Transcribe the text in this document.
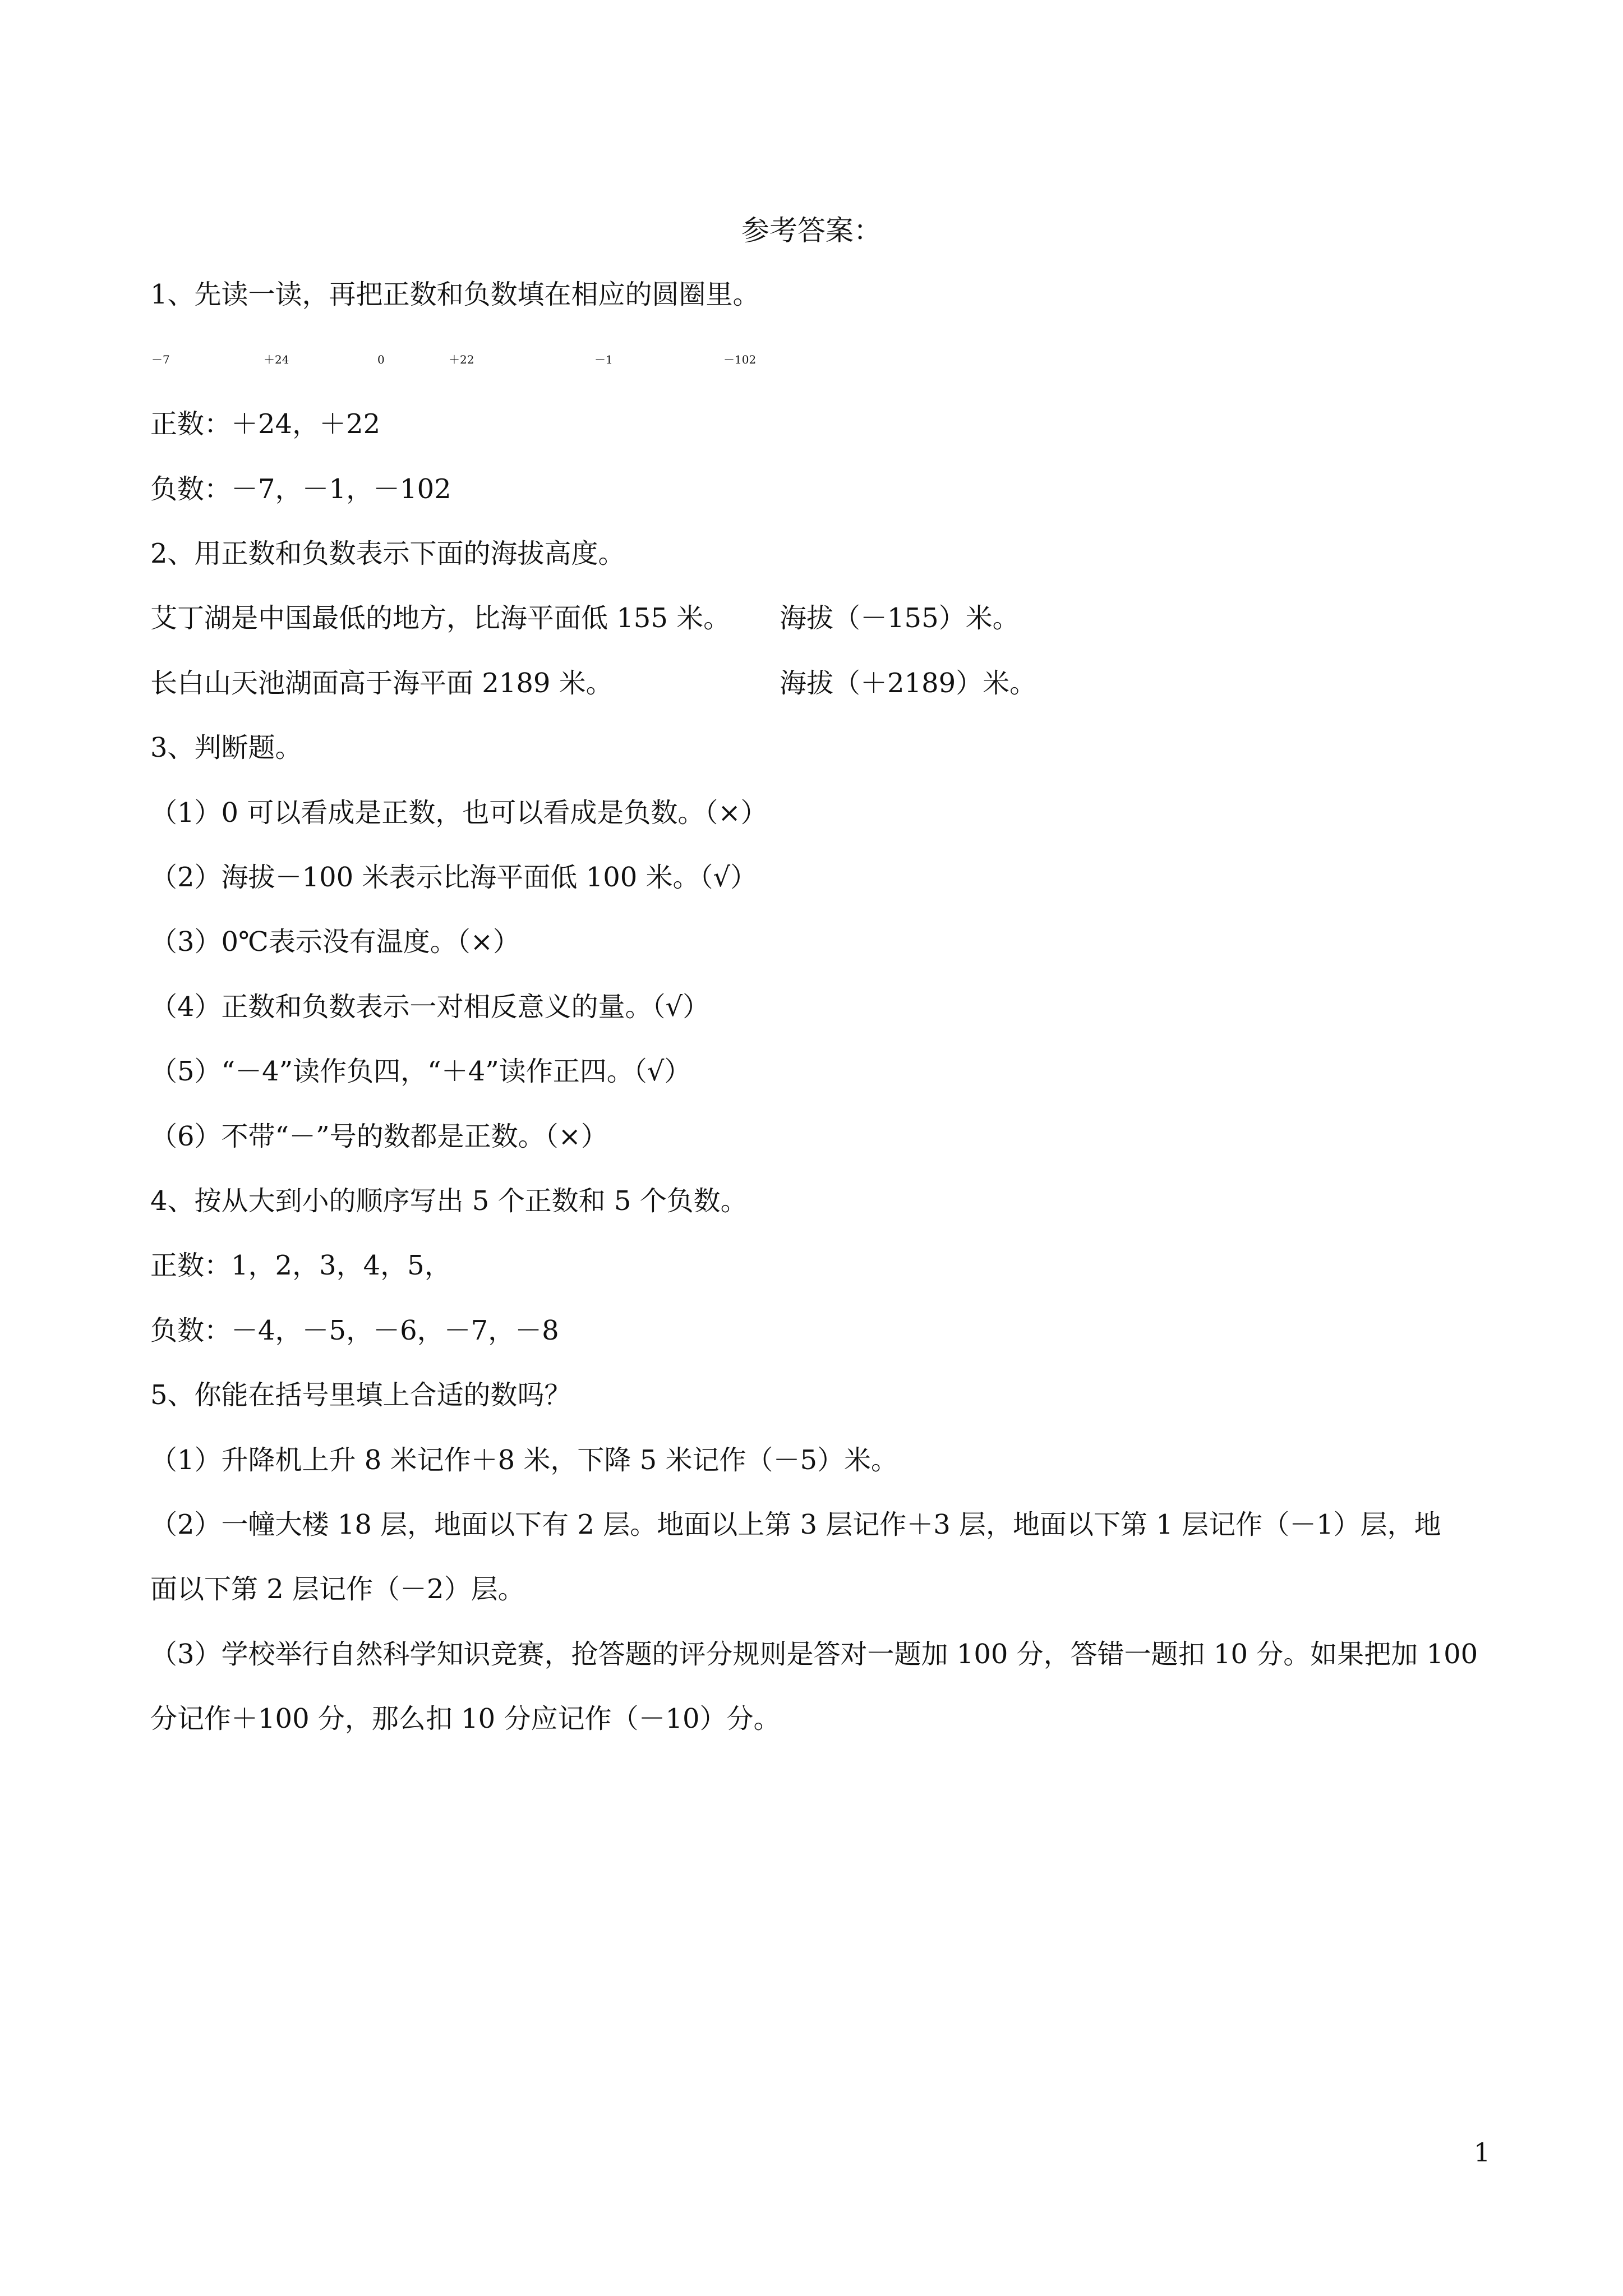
参考答案：
1、先读一读，再把正数和负数填在相应的圆圈里。
－7	＋24	0	＋22	－1	－102
正数：＋24，＋22
负数：－7，－1，－102
2、用正数和负数表示下面的海拔高度。
艾丁湖是中国最低的地方，比海平面低 155 米。 海拔（－155）米。
长白山天池湖面高于海平面 2189 米。	海拔（＋2189）米。
3、判断题。
（1）0 可以看成是正数，也可以看成是负数。（×）
（2）海拔－100 米表示比海平面低 100 米。（√）
（3）0℃表示没有温度。（×）
（4）正数和负数表示一对相反意义的量。（√）
（5）“－4”读作负四，“＋4”读作正四。（√）
（6）不带“－”号的数都是正数。（×）
4、按从大到小的顺序写出 5 个正数和 5 个负数。
正数：1，2，3，4，5，
负数：－4，－5，－6，－7，－8
5、你能在括号里填上合适的数吗？
（1）升降机上升 8 米记作＋8 米，下降 5 米记作（－5）米。
（2）一幢大楼 18 层，地面以下有 2 层。地面以上第 3 层记作＋3 层，地面以下第 1 层记作（－1）层，地
面以下第 2 层记作（－2）层。
（3）学校举行自然科学知识竞赛，抢答题的评分规则是答对一题加 100 分，答错一题扣 10 分。如果把加 100
分记作＋100 分，那么扣 10 分应记作（－10）分。
1
